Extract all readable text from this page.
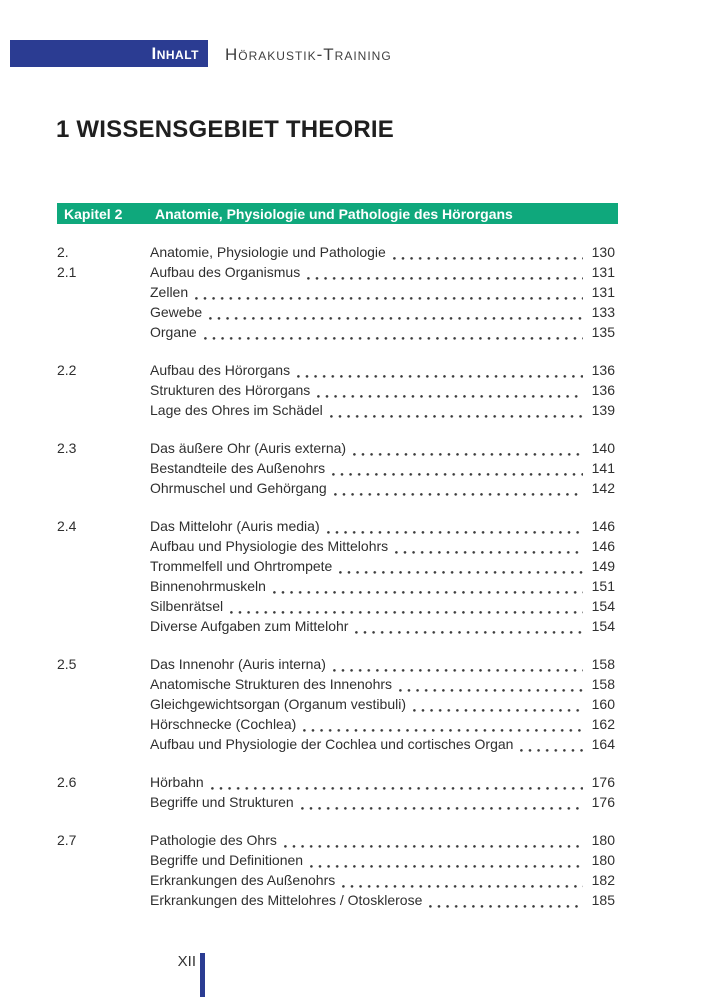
Inhalt Hörakustik-Training
1 WISSENSGEBIET THEORIE
Kapitel 2	Anatomie, Physiologie und Pathologie des Hörorgans
2.	Anatomie, Physiologie und Pathologie	130
2.1	Aufbau des Organismus	131
Zellen	131
Gewebe	133
Organe	135
2.2	Aufbau des Hörorgans	136
Strukturen des Hörorgans	136
Lage des Ohres im Schädel	139
2.3	Das äußere Ohr (Auris externa)	140
Bestandteile des Außenohrs	141
Ohrmuschel und Gehörgang	142
2.4	Das Mittelohr (Auris media)	146
Aufbau und Physiologie des Mittelohrs	146
Trommelfell und Ohrtrompete	149
Binnenohrmuskeln	151
Silbenrätsel	154
Diverse Aufgaben zum Mittelohr	154
2.5	Das Innenohr (Auris interna)	158
Anatomische Strukturen des Innenohrs	158
Gleichgewichtsorgan (Organum vestibuli)	160
Hörschnecke (Cochlea)	162
Aufbau und Physiologie der Cochlea und cortisches Organ	164
2.6	Hörbahn	176
Begriffe und Strukturen	176
2.7	Pathologie des Ohrs	180
Begriffe und Definitionen	180
Erkrankungen des Außenohrs	182
Erkrankungen des Mittelohres / Otosklerose	185
XII
